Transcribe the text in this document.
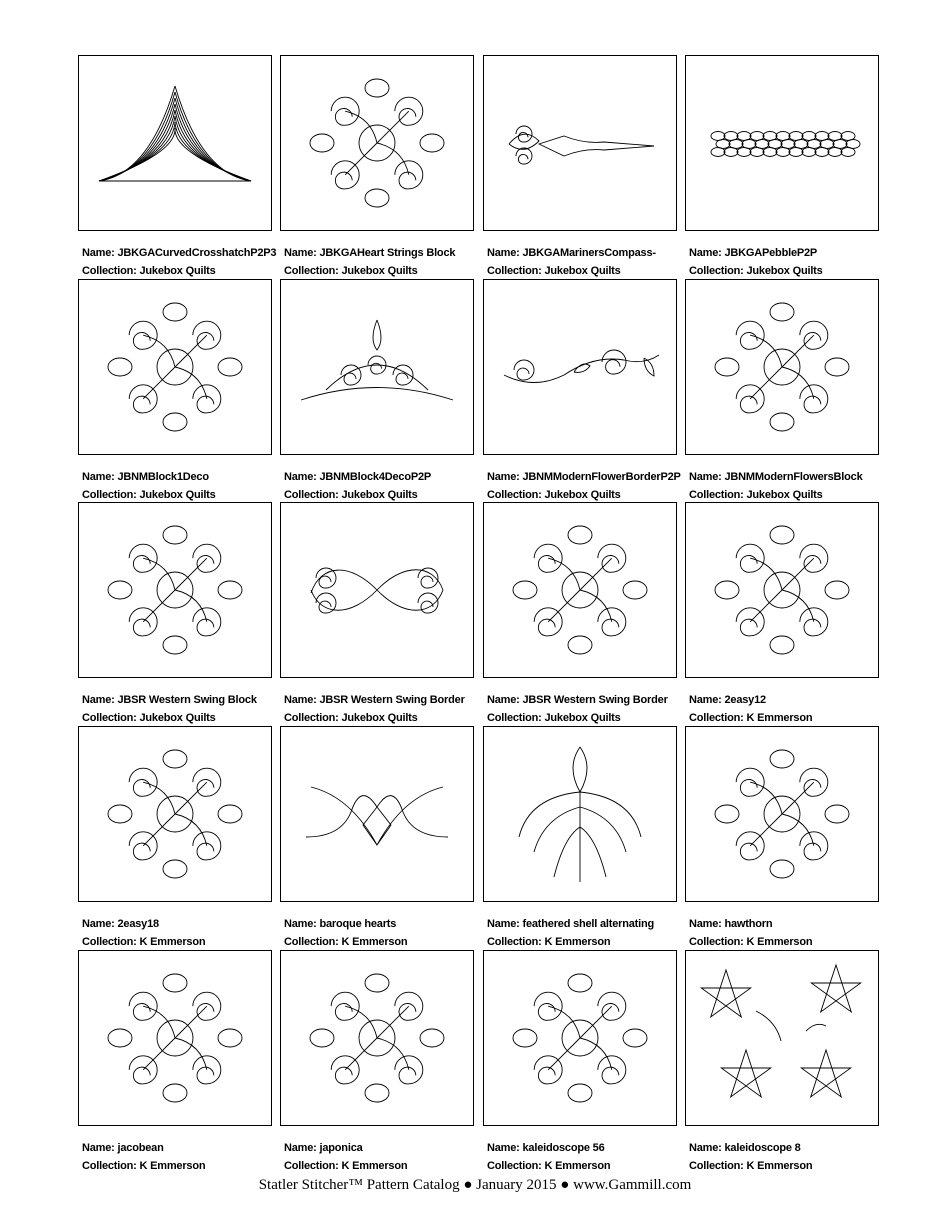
Name: JBKGACurvedCrosshatchP2P3
Collection: Jukebox Quilts
Name: JBKGAHeart Strings Block
Collection: Jukebox Quilts
Name: JBKGAMarinersCompass-
Collection: Jukebox Quilts
Name: JBKGAPebbleP2P
Collection: Jukebox Quilts
Name: JBNMBlock1Deco
Collection: Jukebox Quilts
Name: JBNMBlock4DecoP2P
Collection: Jukebox Quilts
Name: JBNMModernFlowerBorderP2P
Collection: Jukebox Quilts
Name: JBNMModernFlowersBlock
Collection: Jukebox Quilts
Name: JBSR Western Swing Block
Collection: Jukebox Quilts
Name: JBSR Western Swing Border
Collection: Jukebox Quilts
Name: JBSR Western Swing Border
Collection: Jukebox Quilts
Name: 2easy12
Collection: K Emmerson
Name: 2easy18
Collection: K Emmerson
Name: baroque hearts
Collection: K Emmerson
Name: feathered shell alternating
Collection: K Emmerson
Name: hawthorn
Collection: K Emmerson
Name: jacobean
Collection: K Emmerson
Name: japonica
Collection: K Emmerson
Name: kaleidoscope 56
Collection: K Emmerson
Name: kaleidoscope 8
Collection: K Emmerson
Statler Stitcher™ Pattern Catalog ● January 2015 ● www.Gammill.com
